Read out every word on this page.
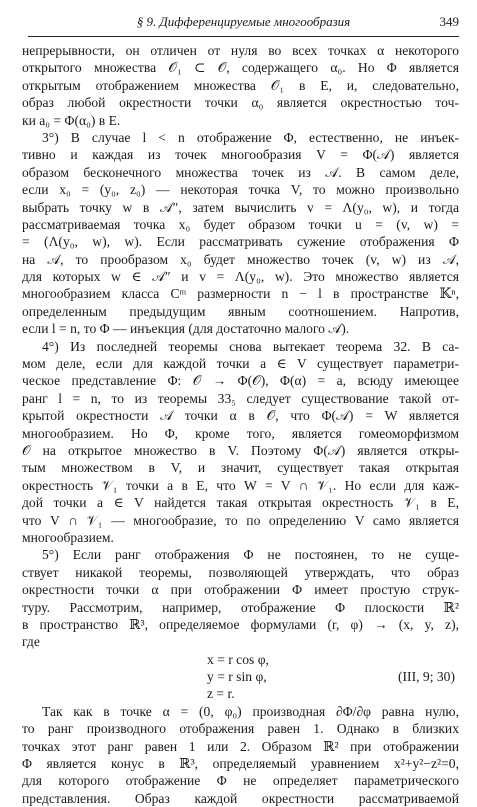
§ 9. Дифференцируемые многообразия	349
непрерывности, он отличен от нуля во всех точках α некоторого
открытого множества 𝒪₁ ⊂ 𝒪, содержащего α₀. Но Φ является
открытым отображением множества 𝒪₁ в E, и, следовательно,
образ любой окрестности точки α₀ является окрестностью точ-
ки a₀ = Φ(α₀) в E.
3°) В случае l < n отображение Φ, естественно, не инъек-
тивно и каждая из точек многообразия V = Φ(𝒜) является
образом бесконечного множества точек из 𝒜. В самом деле,
если x₀ = (y₀, z₀) — некоторая точка V, то можно произвольно
выбрать точку w в 𝒜″, затем вычислить v = Λ(y₀, w), и тогда
рассматриваемая точка x₀ будет образом точки u = (v, w) =
= (Λ(y₀, w), w). Если рассматривать сужение отображения Φ
на 𝒜, то прообразом x₀ будет множество точек (v, w) из 𝒜,
для которых w ∈ 𝒜″ и v = Λ(y₀, w). Это множество является
многообразием класса Cᵐ размерности n − l в пространстве 𝕂ⁿ,
определенным предыдущим явным соотношением. Напротив,
если l = n, то Φ — инъекция (для достаточно малого 𝒜).
4°) Из последней теоремы снова вытекает теорема 32. В са-
мом деле, если для каждой точки a ∈ V существует параметри-
ческое представление Φ: 𝒪 → Φ(𝒪), Φ(α) = a, всюду имеющее
ранг l = n, то из теоремы 33₅ следует существование такой от-
крытой окрестности 𝒜 точки α в 𝒪, что Φ(𝒜) = W является
многообразием. Но Φ, кроме того, является гомеоморфизмом
𝒪 на открытое множество в V. Поэтому Φ(𝒜) является откры-
тым множеством в V, и значит, существует такая открытая
окрестность 𝒱₁ точки a в E, что W = V ∩ 𝒱₁. Но если для каж-
дой точки a ∈ V найдется такая открытая окрестность 𝒱₁ в E,
что V ∩ 𝒱₁ — многообразие, то по определению V само является
многообразием.
5°) Если ранг отображения Φ не постоянен, то не суще-
ствует никакой теоремы, позволяющей утверждать, что образ
окрестности точки α при отображении Φ имеет простую струк-
туру. Рассмотрим, например, отображение Φ плоскости ℝ²
в пространство ℝ³, определяемое формулами (r, φ) → (x, y, z),
где
x = r cos φ,
y = r sin φ,	(III, 9; 30)
z = r.
Так как в точке α = (0, φ₀) производная ∂Φ/∂φ равна нулю,
то ранг производного отображения равен 1. Однако в близких
точках этот ранг равен 1 или 2. Образом ℝ² при отображении
Φ является конус в ℝ³, определяемый уравнением x²+y²−z²=0,
для которого отображение Φ не определяет параметрического
представления. Образ каждой окрестности рассматриваемой
